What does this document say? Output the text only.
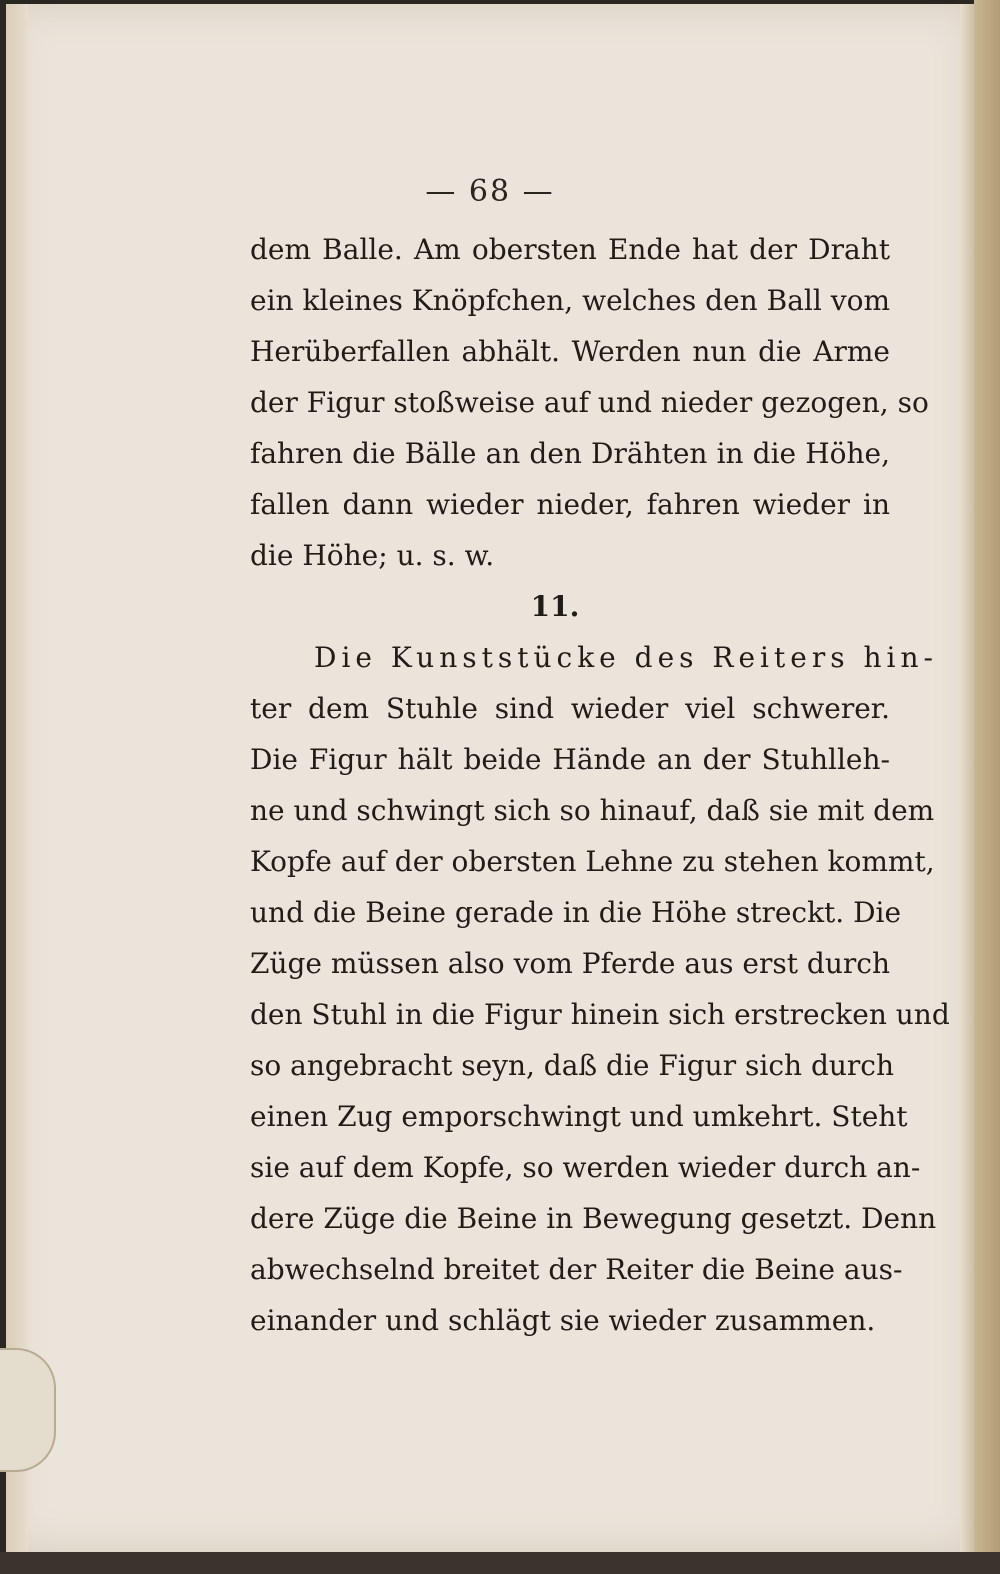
— 68 —
dem Balle. Am obersten Ende hat der Draht
ein kleines Knöpfchen, welches den Ball vom
Herüberfallen abhält. Werden nun die Arme
der Figur stoßweise auf und nieder gezogen, so
fahren die Bälle an den Drähten in die Höhe,
fallen dann wieder nieder, fahren wieder in
die Höhe; u. s. w.
11.
Die Kunststücke des Reiters hin-
ter dem Stuhle sind wieder viel schwerer.
Die Figur hält beide Hände an der Stuhlleh-
ne und schwingt sich so hinauf, daß sie mit dem
Kopfe auf der obersten Lehne zu stehen kommt,
und die Beine gerade in die Höhe streckt. Die
Züge müssen also vom Pferde aus erst durch
den Stuhl in die Figur hinein sich erstrecken und
so angebracht seyn, daß die Figur sich durch
einen Zug emporschwingt und umkehrt. Steht
sie auf dem Kopfe, so werden wieder durch an-
dere Züge die Beine in Bewegung gesetzt. Denn
abwechselnd breitet der Reiter die Beine aus-
einander und schlägt sie wieder zusammen.
